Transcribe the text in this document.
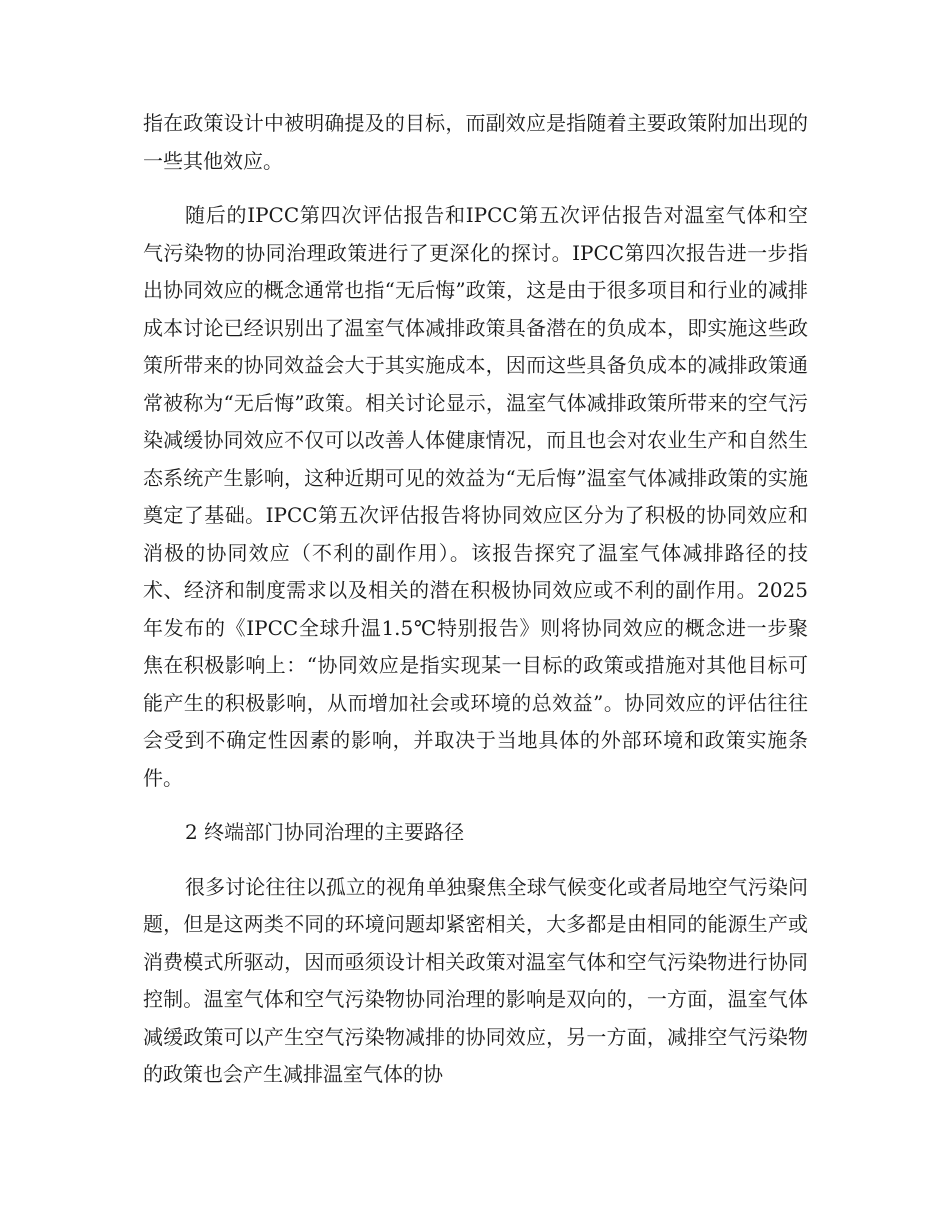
指在政策设计中被明确提及的目标，而副效应是指随着主要政策附加出现的一些其他效应。

随后的IPCC第四次评估报告和IPCC第五次评估报告对温室气体和空气污染物的协同治理政策进行了更深化的探讨。IPCC第四次报告进一步指出协同效应的概念通常也指“无后悔”政策，这是由于很多项目和行业的减排成本讨论已经识别出了温室气体减排政策具备潜在的负成本，即实施这些政策所带来的协同效益会大于其实施成本，因而这些具备负成本的减排政策通常被称为“无后悔”政策。相关讨论显示，温室气体减排政策所带来的空气污染减缓协同效应不仅可以改善人体健康情况，而且也会对农业生产和自然生态系统产生影响，这种近期可见的效益为“无后悔”温室气体减排政策的实施奠定了基础。IPCC第五次评估报告将协同效应区分为了积极的协同效应和消极的协同效应（不利的副作用）。该报告探究了温室气体减排路径的技术、经济和制度需求以及相关的潜在积极协同效应或不利的副作用。2025年发布的《IPCC全球升温1.5℃特别报告》则将协同效应的概念进一步聚焦在积极影响上：“协同效应是指实现某一目标的政策或措施对其他目标可能产生的积极影响，从而增加社会或环境的总效益”。协同效应的评估往往会受到不确定性因素的影响，并取决于当地具体的外部环境和政策实施条件。

2 终端部门协同治理的主要路径

很多讨论往往以孤立的视角单独聚焦全球气候变化或者局地空气污染问题，但是这两类不同的环境问题却紧密相关，大多都是由相同的能源生产或消费模式所驱动，因而亟须设计相关政策对温室气体和空气污染物进行协同控制。温室气体和空气污染物协同治理的影响是双向的，一方面，温室气体减缓政策可以产生空气污染物减排的协同效应，另一方面，减排空气污染物的政策也会产生减排温室气体的协
